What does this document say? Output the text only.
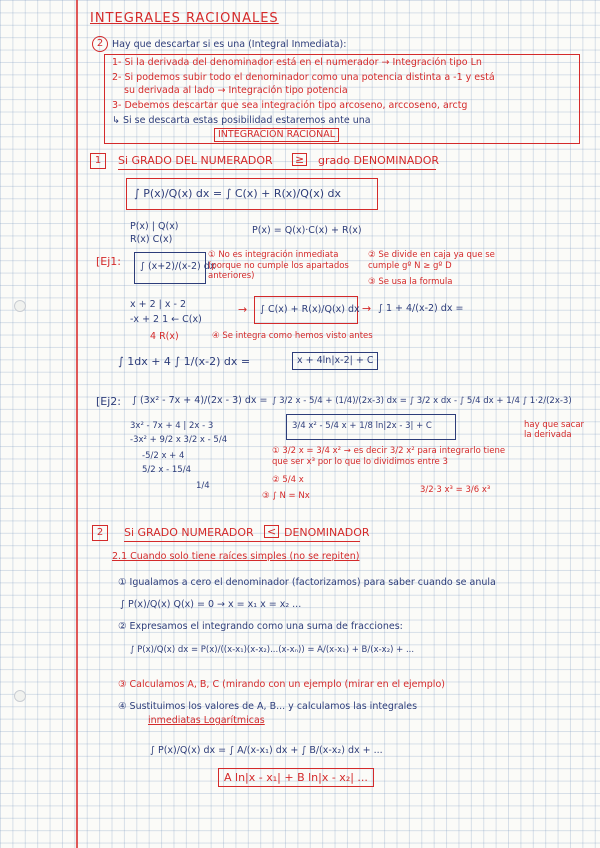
INTEGRALES RACIONALES
2 Hay que descartar si es una (Integral Inmediata):
1- Si la derivada del denominador está en el numerador → Integración tipo Ln
2- Si podemos subir todo el denominador como una potencia distinta a -1 y está
su derivada al lado → Integración tipo potencia
3- Debemos descartar que sea integración tipo arcoseno, arccoseno, arctg
↳ Si se descarta estas posibilidad estaremos ante una
INTEGRACIÓN RACIONAL
1	Si GRADO DEL NUMERADOR ≥ grado DENOMINADOR
∫ P(x)/Q(x) dx = ∫ C(x) + R(x)/Q(x) dx
P(x) | Q(x)
R(x) C(x)
P(x) = Q(x)·C(x) + R(x)
[Ej1: ∫ (x+2)/(x-2) dx
① No es integración inmediata (porque no cumple los apartados anteriores)
② Se divide en caja ya que se cumple gº N ≥ gº D
③ Se usa la formula
x + 2 | x - 2
-x + 2 1 ← C(x)
4 R(x)
→ ∫ C(x) + R(x)/Q(x) dx → ∫ 1 + 4/(x-2) dx =
④ Se integra como hemos visto antes
∫ 1dx + 4 ∫ 1/(x-2) dx =	x + 4ln|x-2| + C
[Ej2: ∫ (3x² - 7x + 4)/(2x - 3) dx = ∫ 3/2 x - 5/4 + (1/4)/(2x-3) dx = ∫ 3/2 x dx - ∫ 5/4 dx + 1/4 ∫ 1·2/(2x-3)
hay que sacar la derivada
3x² - 7x + 4 | 2x - 3
-3x² + 9/2 x 3/2 x - 5/4
-5/2 x + 4
5/2 x - 15/4
1/4
3/4 x² - 5/4 x + 1/8 ln|2x - 3| + C
① 3/2 x = 3/4 x² → es decir 3/2 x² para integrarlo tiene que ser x³ por lo que lo dividimos entre 3
3/2·3 x³ = 3/6 x³
② 5/4 x
③ ∫ N = Nx
2	Si GRADO NUMERADOR < DENOMINADOR
2.1 Cuando solo tiene raíces simples (no se repiten)
① Igualamos a cero el denominador (factorizamos) para saber cuando se anula
∫ P(x)/Q(x) Q(x) = 0 → x = x₁ x = x₂ ...
② Expresamos el integrando como una suma de fracciones:
∫ P(x)/Q(x) dx = P(x)/((x-x₁)(x-x₂)...(x-xₙ)) = A/(x-x₁) + B/(x-x₂) + ...
③ Calculamos A, B, C (mirando con un ejemplo (mirar en el ejemplo)
④ Sustituimos los valores de A, B... y calculamos las integrales
inmediatas Logarítmicas
∫ P(x)/Q(x) dx = ∫ A/(x-x₁) dx + ∫ B/(x-x₂) dx + ...
A ln|x - x₁| + B ln|x - x₂| ...
